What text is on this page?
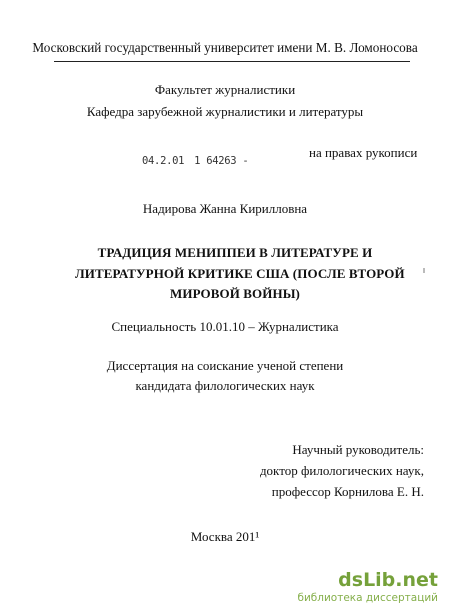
Московский государственный университет имени М. В. Ломоносова
Факультет журналистики
Кафедра зарубежной журналистики и литературы
04.2.01 1 64263 -
на правах рукописи
Надирова Жанна Кирилловна
ТРАДИЦИЯ МЕНИППЕИ В ЛИТЕРАТУРЕ И
ЛИТЕРАТУРНОЙ КРИТИКЕ США (ПОСЛЕ ВТОРОЙ
МИРОВОЙ ВОЙНЫ)
Специальность 10.01.10 – Журналистика
Диссертация на соискание ученой степени
кандидата филологических наук
Научный руководитель:
доктор филологических наук,
профессор Корнилова Е. Н.
Москва 201¹
dsLib.net
библиотека диссертаций
